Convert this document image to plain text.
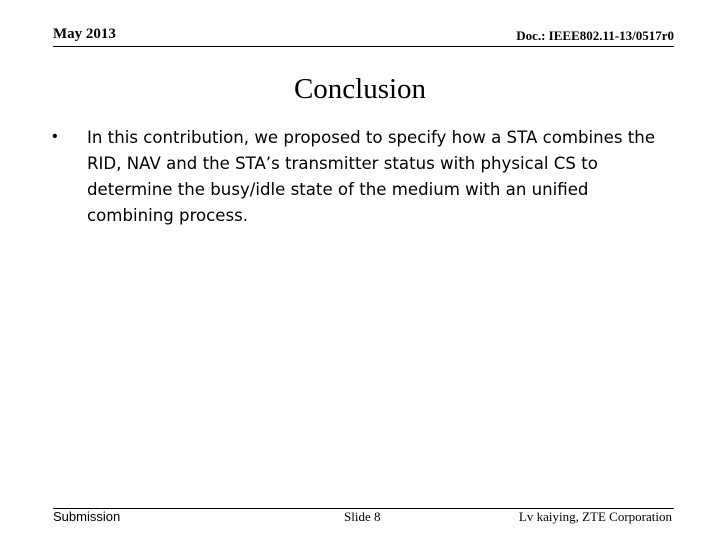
May 2013	Doc.: IEEE802.11-13/0517r0
Conclusion
• In this contribution, we proposed to specify how a STA combines the RID, NAV and the STA’s transmitter status with physical CS to determine the busy/idle state of the medium with an unified combining process.
Submission	Slide 8	Lv kaiying, ZTE Corporation
